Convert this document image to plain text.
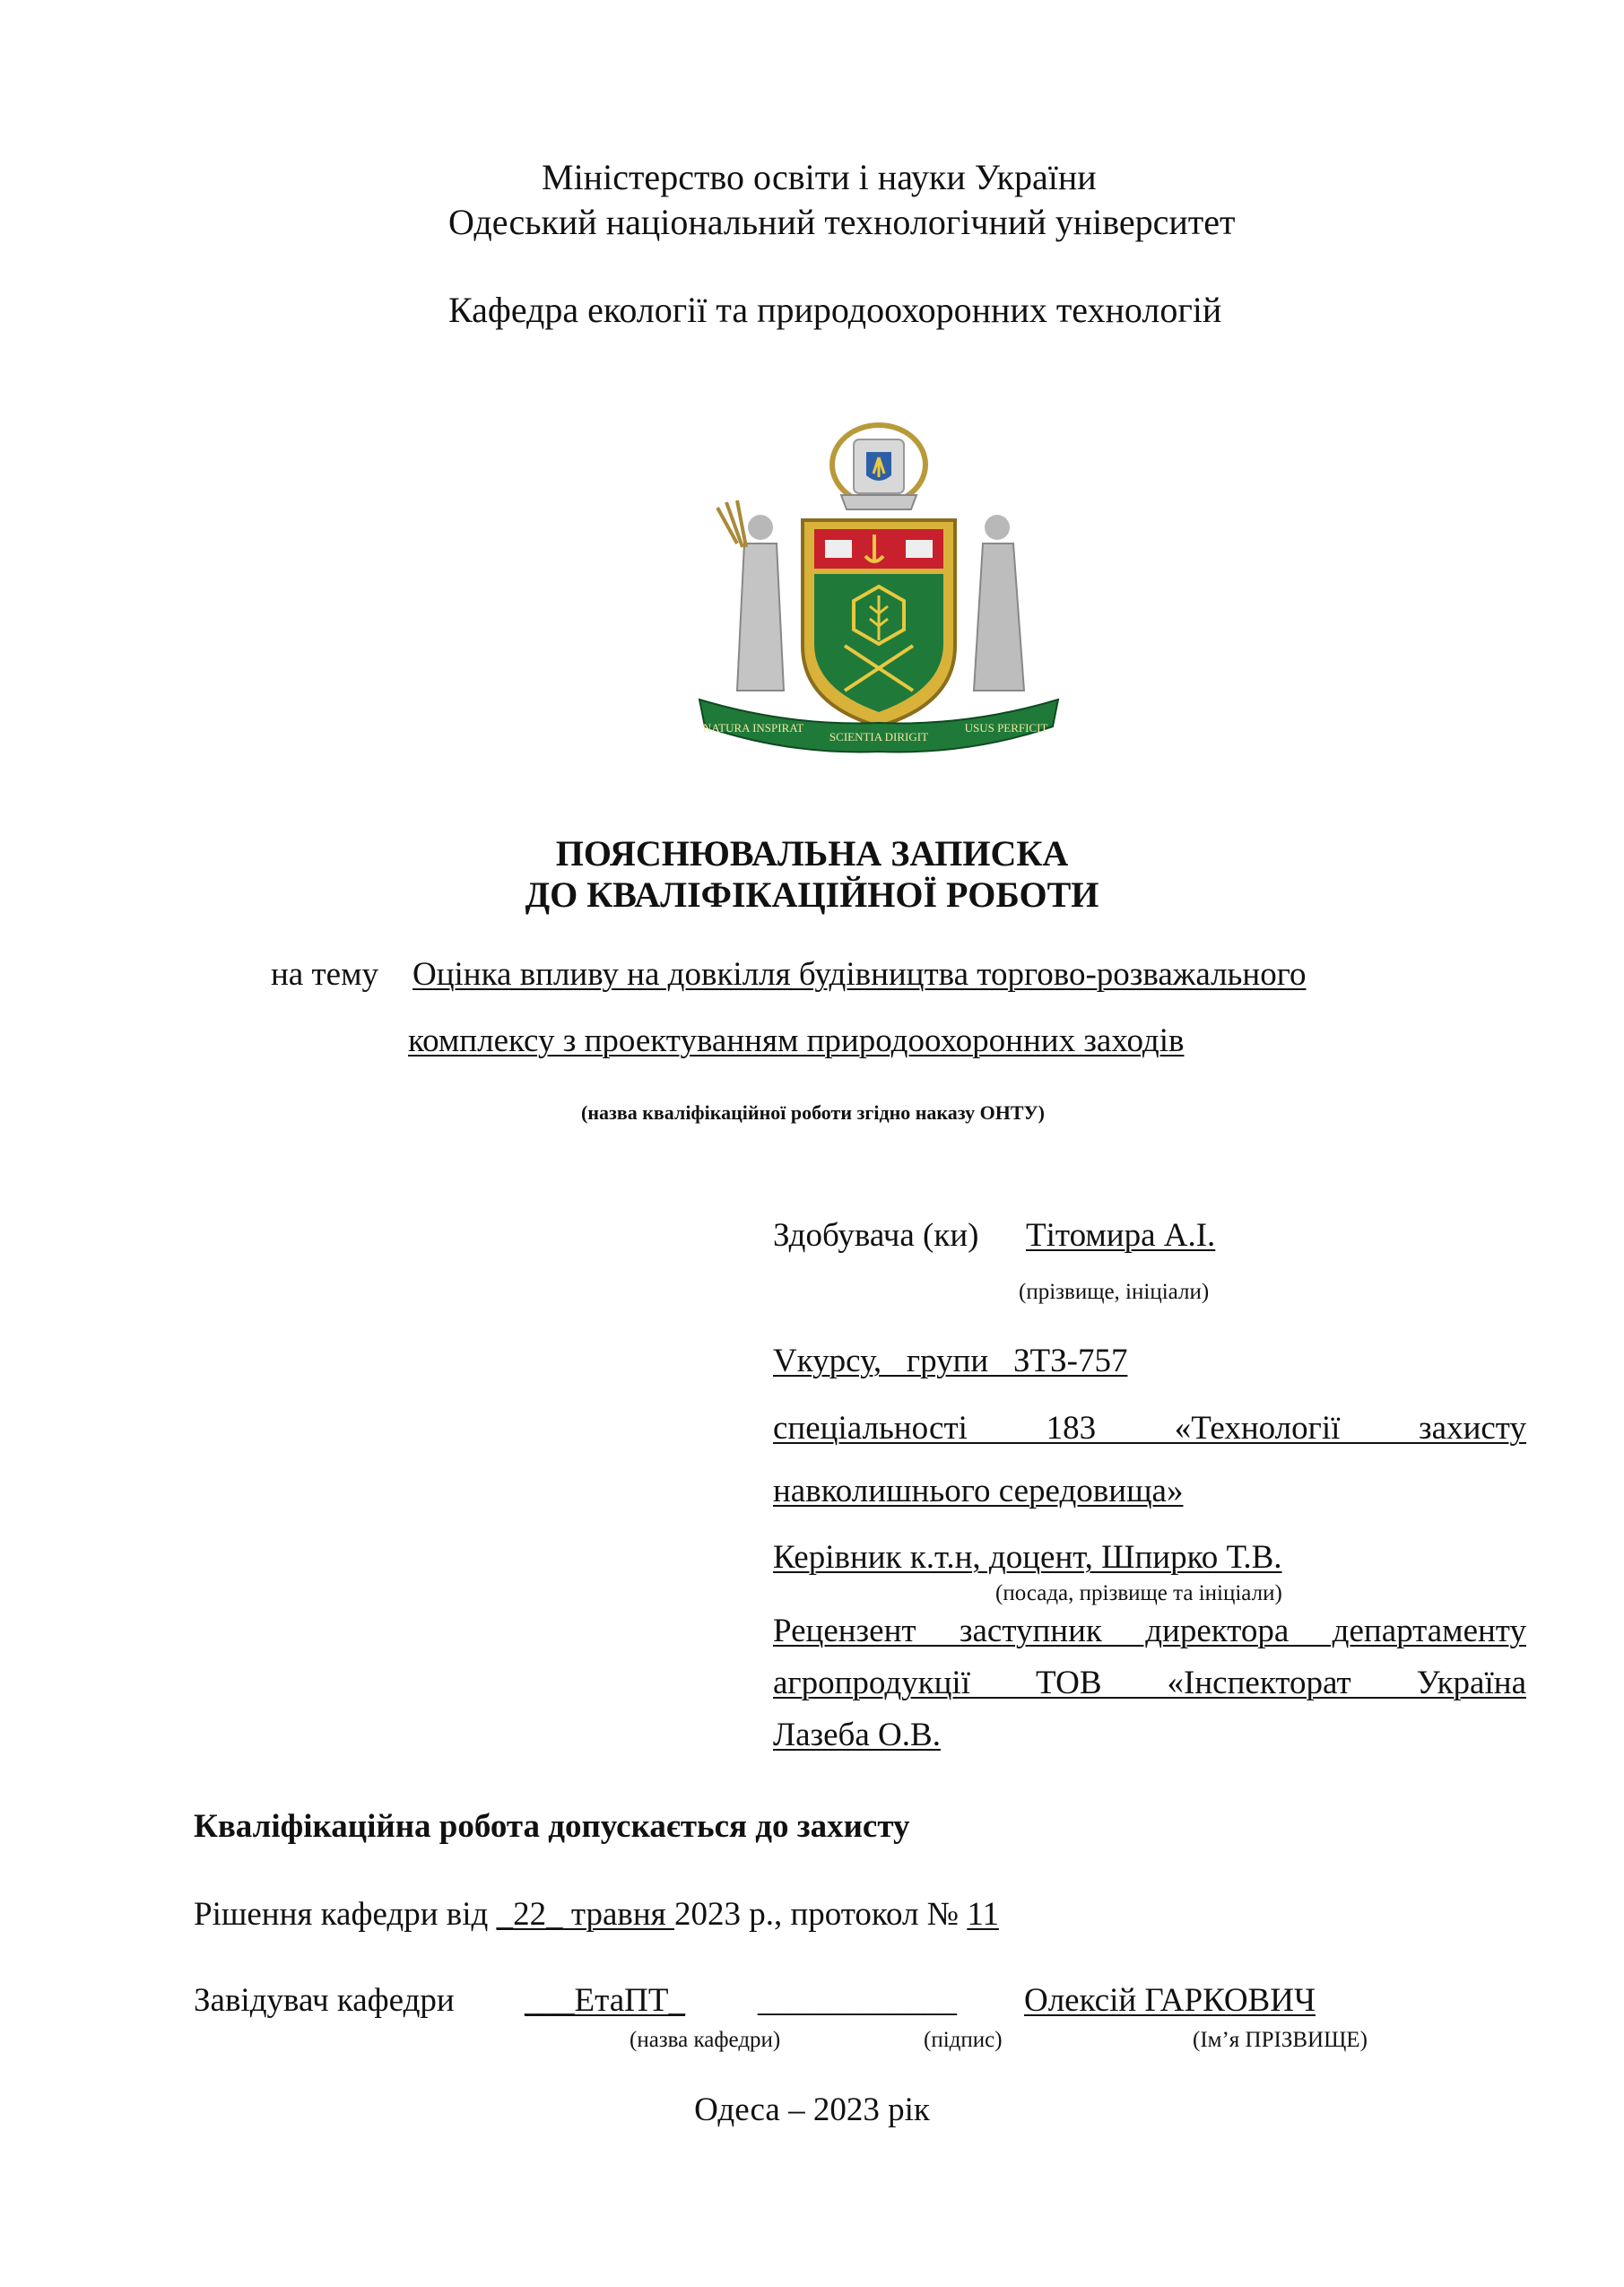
Міністерство освіти і науки України
Одеський національний технологічний університет
Кафедра екології та природоохоронних технологій
NATURA INSPIRAT
SCIENTIA DIRIGIT
USUS PERFICIT
ПОЯСНЮВАЛЬНА ЗАПИСКА
ДО КВАЛІФІКАЦІЙНОЇ РОБОТИ
на тему Оцінка впливу на довкілля будівництва торгово-розважального
комплексу з проектуванням природоохоронних заходів
(назва кваліфікаційної роботи згідно наказу ОНТУ)
Здобувача (ки) Тітомира А.І.
(прізвище, ініціали)
Vкурсу,   групи   ЗТЗ-757
спеціальності 183 «Технології захисту
навколишнього середовища»
Керівник к.т.н, доцент, Шпирко Т.В.
(посада, прізвище та ініціали)
Рецензент заступник директора департаменту
агропродукції ТОВ «Інспекторат Україна
Лазеба О.В.
Кваліфікаційна робота допускається до захисту
Рішення кафедри від _22_ травня 2023 р., протокол № 11
Завідувач кафедри ___ЕтаПТ_ ____________ Олексій ГАРКОВИЧ
(назва кафедри)	(підпис)	(Ім’я ПРІЗВИЩЕ)
Одеса – 2023 рік
